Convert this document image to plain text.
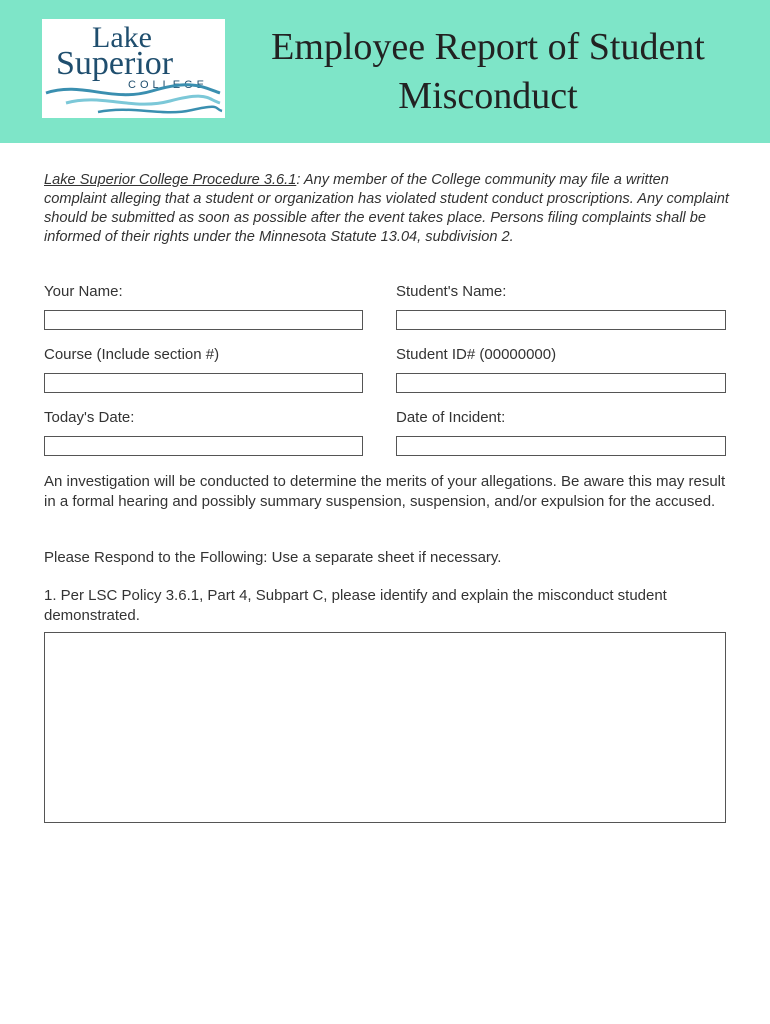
Lake
Superior
COLLEGE
Employee Report of Student
Misconduct
Lake Superior College Procedure 3.6.1: Any member of the College community may file a written complaint alleging that a student or organization has violated student conduct proscriptions. Any complaint should be submitted as soon as possible after the event takes place. Persons filing complaints shall be informed of their rights under the Minnesota Statute 13.04, subdivision 2.
Your Name:	Student's Name:
Course (Include section #)	Student ID# (00000000)
Today's Date:	Date of Incident:
An investigation will be conducted to determine the merits of your allegations. Be aware this may result in a formal hearing and possibly summary suspension, suspension, and/or expulsion for the accused.
Please Respond to the Following: Use a separate sheet if necessary.
1. Per LSC Policy 3.6.1, Part 4, Subpart C, please identify and explain the misconduct student demonstrated.
